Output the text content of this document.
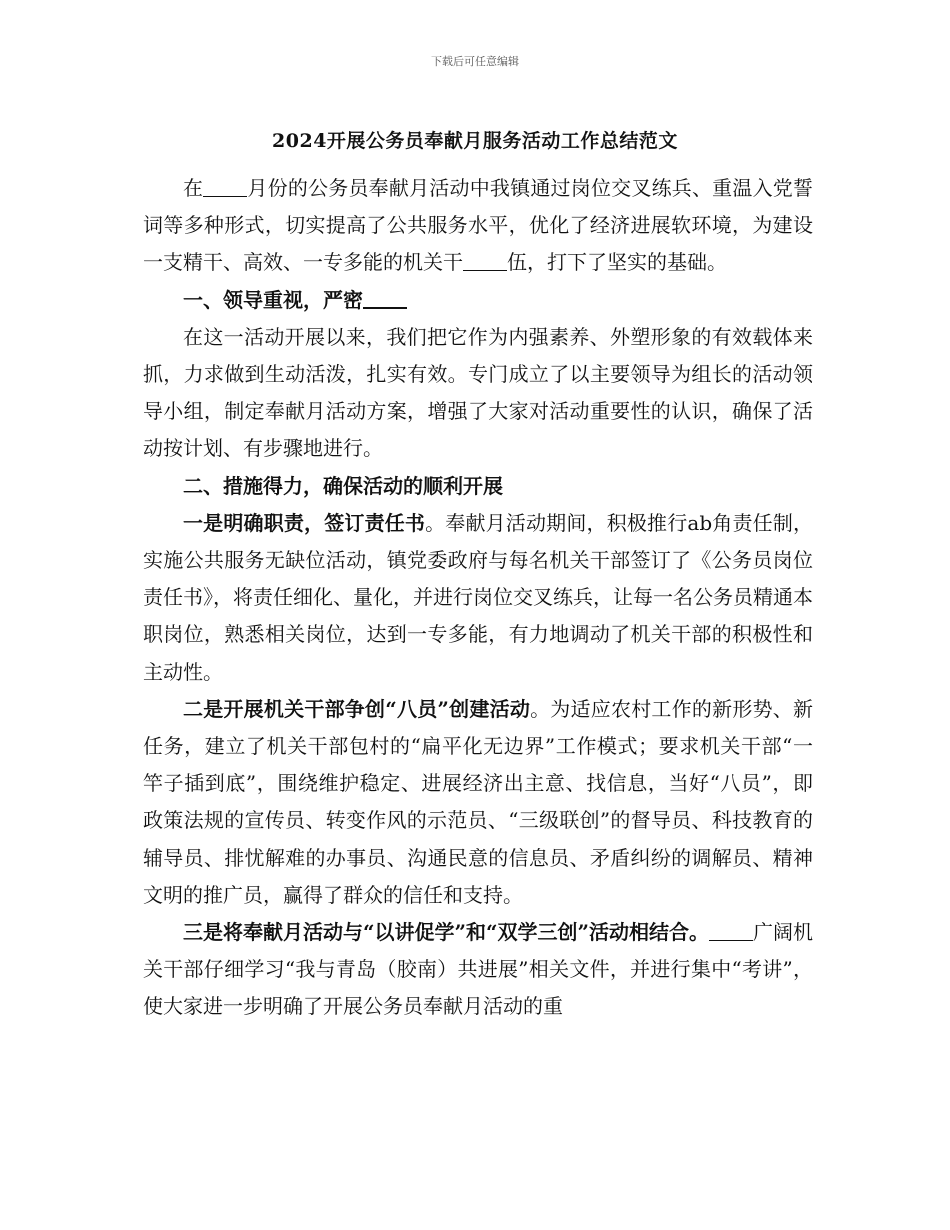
下载后可任意编辑
2024开展公务员奉献月服务活动工作总结范文

在 月份的公务员奉献月活动中我镇通过岗位交叉练兵、重温入党誓词等多种形式，切实提高了公共服务水平，优化了经济进展软环境，为建设一支精干、高效、一专多能的机关干 伍，打下了坚实的基础。

一、领导重视，严密

在这一活动开展以来，我们把它作为内强素养、外塑形象的有效载体来抓，力求做到生动活泼，扎实有效。专门成立了以主要领导为组长的活动领导小组，制定奉献月活动方案，增强了大家对活动重要性的认识，确保了活动按计划、有步骤地进行。

二、措施得力，确保活动的顺利开展

一是明确职责，签订责任书。奉献月活动期间，积极推行ab角责任制，实施公共服务无缺位活动，镇党委政府与每名机关干部签订了《公务员岗位责任书》，将责任细化、量化，并进行岗位交叉练兵，让每一名公务员精通本职岗位，熟悉相关岗位，达到一专多能，有力地调动了机关干部的积极性和主动性。

二是开展机关干部争创“八员”创建活动。为适应农村工作的新形势、新任务，建立了机关干部包村的“扁平化无边界”工作模式；要求机关干部“一竿子插到底”，围绕维护稳定、进展经济出主意、找信息，当好“八员”，即政策法规的宣传员、转变作风的示范员、“三级联创”的督导员、科技教育的辅导员、排忧解难的办事员、沟通民意的信息员、矛盾纠纷的调解员、精神文明的推广员，赢得了群众的信任和支持。

三是将奉献月活动与“以讲促学”和“双学三创”活动相结合。 广阔机关干部仔细学习“我与青岛（胶南）共进展”相关文件，并进行集中“考讲”，使大家进一步明确了开展公务员奉献月活动的重
